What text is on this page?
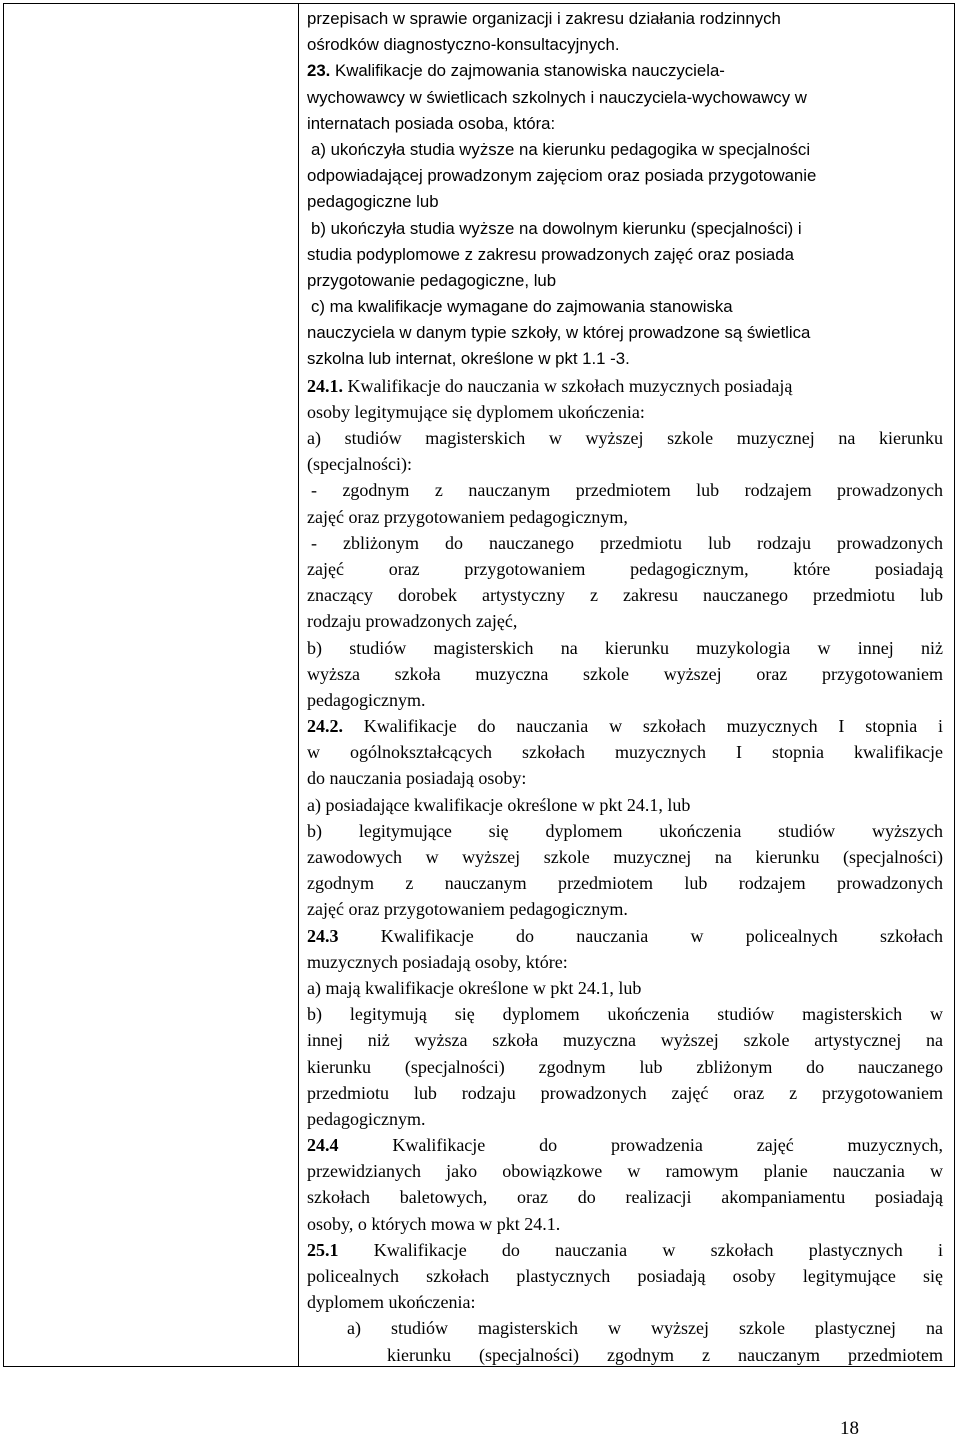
przepisach w sprawie organizacji i zakresu działania rodzinnych
ośrodków diagnostyczno-konsultacyjnych.
23. Kwalifikacje do zajmowania stanowiska nauczyciela-
wychowawcy w świetlicach szkolnych i nauczyciela-wychowawcy w
internatach posiada osoba, która:
a) ukończyła studia wyższe na kierunku pedagogika w specjalności
odpowiadającej prowadzonym zajęciom oraz posiada przygotowanie
pedagogiczne lub
b) ukończyła studia wyższe na dowolnym kierunku (specjalności) i
studia podyplomowe z zakresu prowadzonych zajęć oraz posiada
przygotowanie pedagogiczne, lub
c) ma kwalifikacje wymagane do zajmowania stanowiska
nauczyciela w danym typie szkoły, w której prowadzone są świetlica
szkolna lub internat, określone w pkt 1.1 -3.
24.1. Kwalifikacje do nauczania w szkołach muzycznych posiadają
osoby legitymujące się dyplomem ukończenia:
a) studiów magisterskich w wyższej szkole muzycznej na kierunku
(specjalności):
- zgodnym z nauczanym przedmiotem lub rodzajem prowadzonych
zajęć oraz przygotowaniem pedagogicznym,
- zbliżonym do nauczanego przedmiotu lub rodzaju prowadzonych
zajęć oraz przygotowaniem pedagogicznym, które posiadają
znaczący dorobek artystyczny z zakresu nauczanego przedmiotu lub
rodzaju prowadzonych zajęć,
b) studiów magisterskich na kierunku muzykologia w innej niż
wyższa szkoła muzyczna szkole wyższej oraz przygotowaniem
pedagogicznym.
24.2. Kwalifikacje do nauczania w szkołach muzycznych I stopnia i
w ogólnokształcących szkołach muzycznych I stopnia kwalifikacje
do nauczania posiadają osoby:
a) posiadające kwalifikacje określone w pkt 24.1, lub
b) legitymujące się dyplomem ukończenia studiów wyższych
zawodowych w wyższej szkole muzycznej na kierunku (specjalności)
zgodnym z nauczanym przedmiotem lub rodzajem prowadzonych
zajęć oraz przygotowaniem pedagogicznym.
24.3 Kwalifikacje do nauczania w policealnych szkołach
muzycznych posiadają osoby, które:
a) mają kwalifikacje określone w pkt 24.1, lub
b) legitymują się dyplomem ukończenia studiów magisterskich w
innej niż wyższa szkoła muzyczna wyższej szkole artystycznej na
kierunku (specjalności) zgodnym lub zbliżonym do nauczanego
przedmiotu lub rodzaju prowadzonych zajęć oraz z przygotowaniem
pedagogicznym.
24.4 Kwalifikacje do prowadzenia zajęć muzycznych,
przewidzianych jako obowiązkowe w ramowym planie nauczania w
szkołach baletowych, oraz do realizacji akompaniamentu posiadają
osoby, o których mowa w pkt 24.1.
25.1 Kwalifikacje do nauczania w szkołach plastycznych i
policealnych szkołach plastycznych posiadają osoby legitymujące się
dyplomem ukończenia:
a) studiów magisterskich w wyższej szkole plastycznej na
kierunku (specjalności) zgodnym z nauczanym przedmiotem
18
